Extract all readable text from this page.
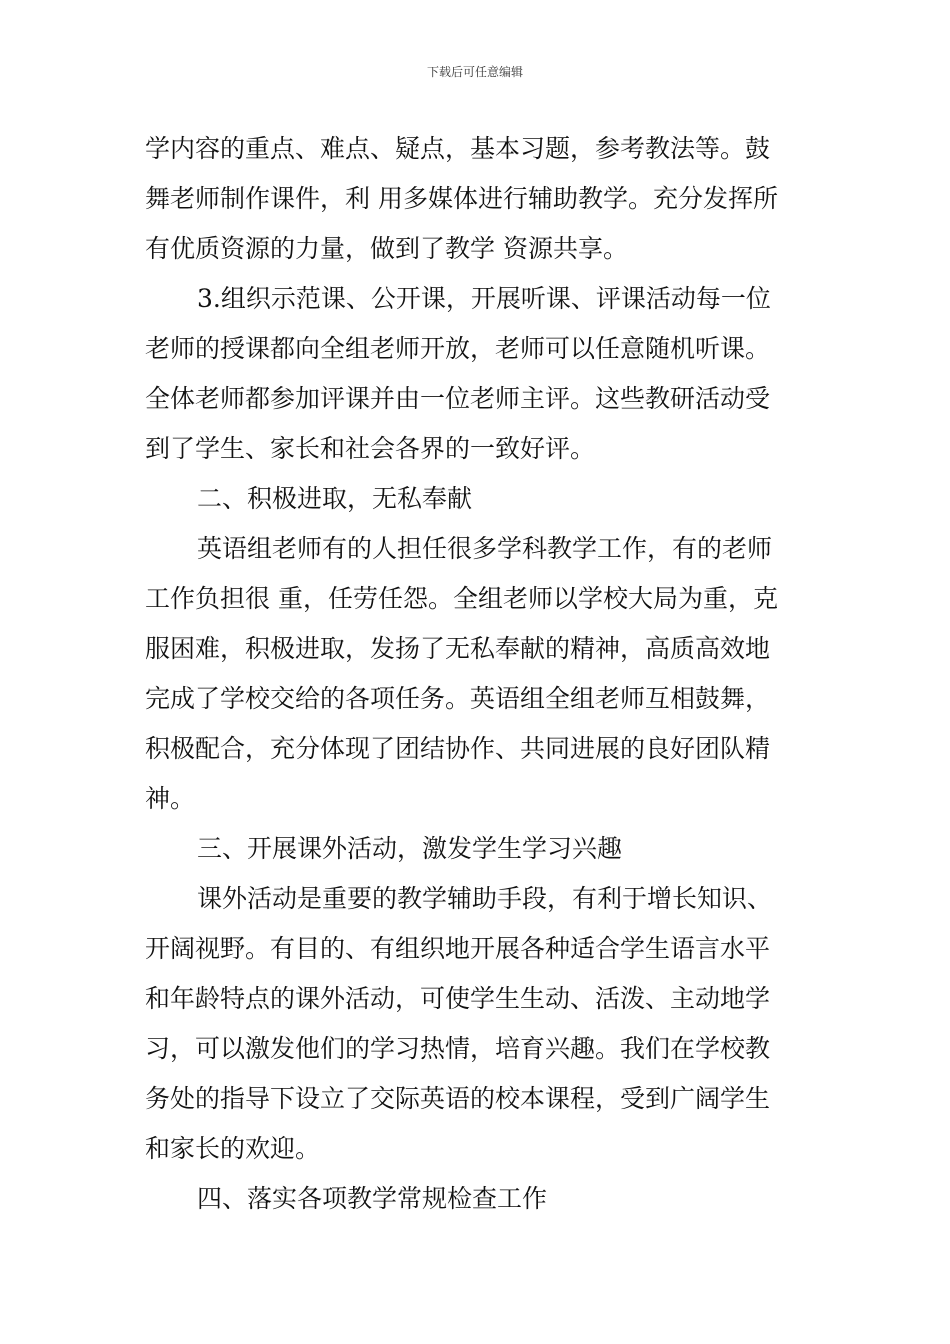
下载后可任意编辑
学内容的重点、难点、疑点，基本习题，参考教法等。鼓
舞老师制作课件，利 用多媒体进行辅助教学。充分发挥所
有优质资源的力量，做到了教学 资源共享。
3.组织示范课、公开课，开展听课、评课活动每一位
老师的授课都向全组老师开放，老师可以任意随机听课。
全体老师都参加评课并由一位老师主评。这些教研活动受
到了学生、家长和社会各界的一致好评。
二、积极进取，无私奉献
英语组老师有的人担任很多学科教学工作，有的老师
工作负担很 重，任劳任怨。全组老师以学校大局为重，克
服困难，积极进取，发扬了无私奉献的精神，高质高效地
完成了学校交给的各项任务。英语组全组老师互相鼓舞，
积极配合，充分体现了团结协作、共同进展的良好团队精
神。
三、开展课外活动，激发学生学习兴趣
课外活动是重要的教学辅助手段，有利于增长知识、
开阔视野。有目的、有组织地开展各种适合学生语言水平
和年龄特点的课外活动，可使学生生动、活泼、主动地学
习，可以激发他们的学习热情，培育兴趣。我们在学校教
务处的指导下设立了交际英语的校本课程，受到广阔学生
和家长的欢迎。
四、落实各项教学常规检查工作
